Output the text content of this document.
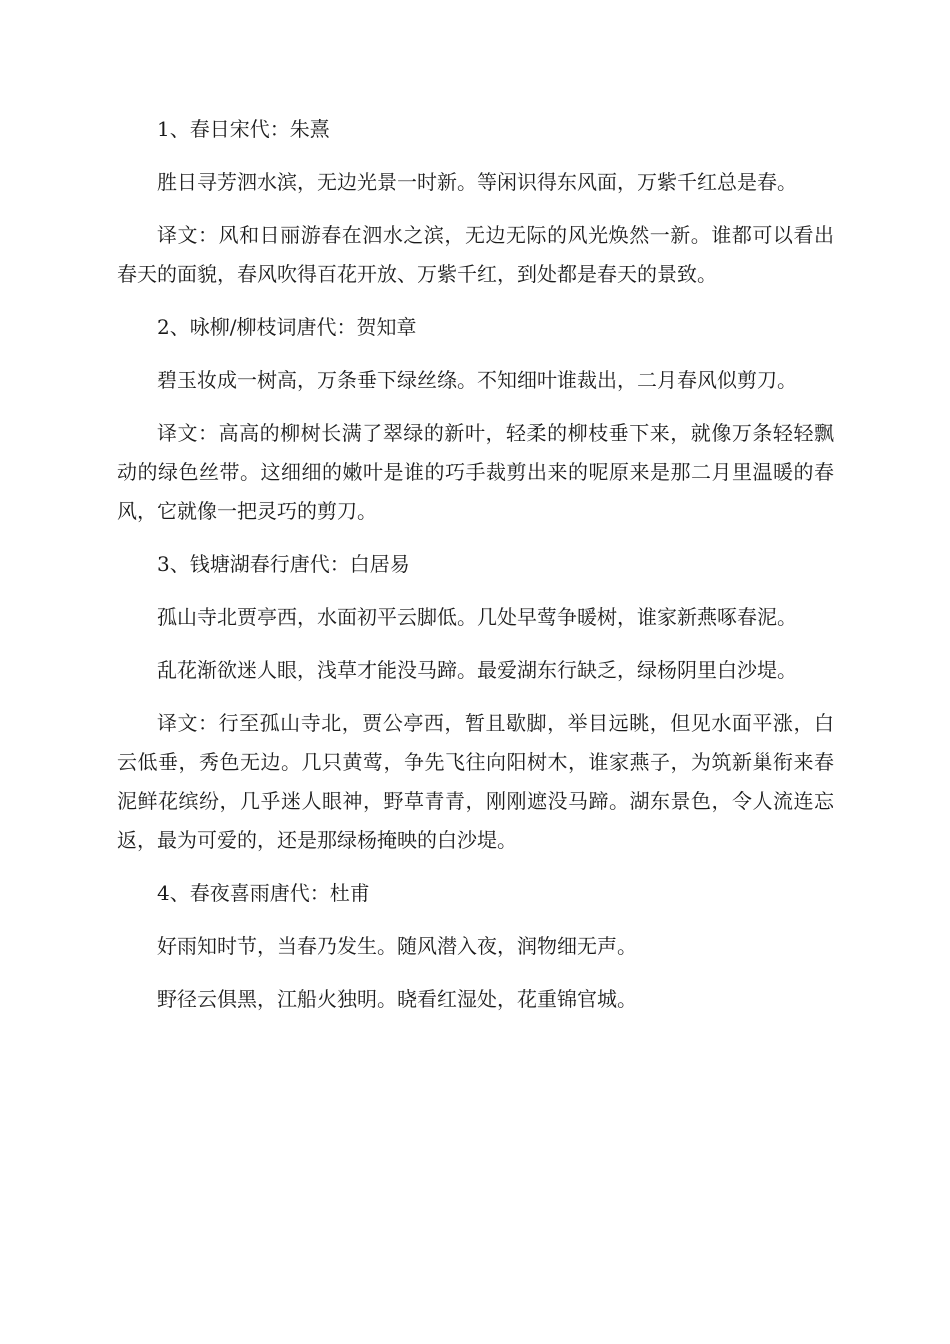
1、春日宋代：朱熹

胜日寻芳泗水滨，无边光景一时新。等闲识得东风面，万紫千红总是春。

译文：风和日丽游春在泗水之滨，无边无际的风光焕然一新。谁都可以看出春天的面貌，春风吹得百花开放、万紫千红，到处都是春天的景致。

2、咏柳/柳枝词唐代：贺知章

碧玉妆成一树高，万条垂下绿丝绦。不知细叶谁裁出，二月春风似剪刀。

译文：高高的柳树长满了翠绿的新叶，轻柔的柳枝垂下来，就像万条轻轻飘动的绿色丝带。这细细的嫩叶是谁的巧手裁剪出来的呢原来是那二月里温暖的春风，它就像一把灵巧的剪刀。

3、钱塘湖春行唐代：白居易

孤山寺北贾亭西，水面初平云脚低。几处早莺争暖树，谁家新燕啄春泥。

乱花渐欲迷人眼，浅草才能没马蹄。最爱湖东行缺乏，绿杨阴里白沙堤。

译文：行至孤山寺北，贾公亭西，暂且歇脚，举目远眺，但见水面平涨，白云低垂，秀色无边。几只黄莺，争先飞往向阳树木，谁家燕子，为筑新巢衔来春泥鲜花缤纷，几乎迷人眼神，野草青青，刚刚遮没马蹄。湖东景色，令人流连忘返，最为可爱的，还是那绿杨掩映的白沙堤。

4、春夜喜雨唐代：杜甫

好雨知时节，当春乃发生。随风潜入夜，润物细无声。

野径云俱黑，江船火独明。晓看红湿处，花重锦官城。
